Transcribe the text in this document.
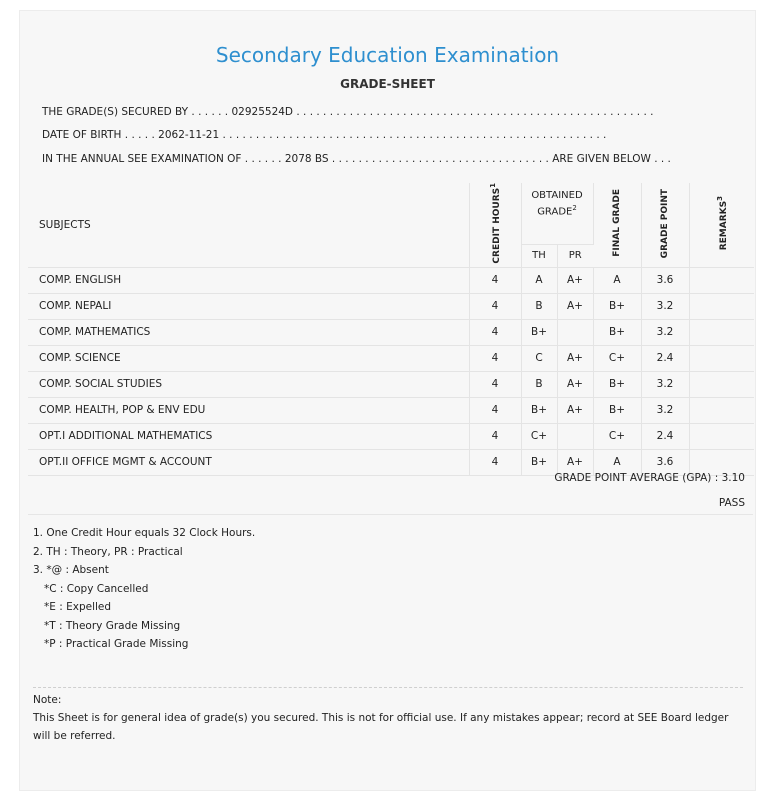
Secondary Education Examination
GRADE-SHEET
THE GRADE(S) SECURED BY . . . . . . 02925524D . . . . . . . . . . . . . . . . . . . . . . . . . . . . . . . . . . . . . . . . . . . . . . . . . . . . . .
DATE OF BIRTH . . . . . 2062-11-21 . . . . . . . . . . . . . . . . . . . . . . . . . . . . . . . . . . . . . . . . . . . . . . . . . . . . . . . . . .
IN THE ANNUAL SEE EXAMINATION OF . . . . . . 2078 BS . . . . . . . . . . . . . . . . . . . . . . . . . . . . . . . . . ARE GIVEN BELOW . . .
SUBJECTS	CREDIT HOURS$^1$	OBTAINED GRADE$^2$		FINAL GRADE	GRADE POINT	REMARKS$^3$
		TH	PR			
COMP. ENGLISH	4	A	A+	A	3.6	
COMP. NEPALI	4	B	A+	B+	3.2	
COMP. MATHEMATICS	4	B+		B+	3.2	
COMP. SCIENCE	4	C	A+	C+	2.4	
COMP. SOCIAL STUDIES	4	B	A+	B+	3.2	
COMP. HEALTH, POP & ENV EDU	4	B+	A+	B+	3.2	
OPT.I ADDITIONAL MATHEMATICS	4	C+		C+	2.4	
OPT.II OFFICE MGMT & ACCOUNT	4	B+	A+	A	3.6	
GRADE POINT AVERAGE (GPA) : 3.10
PASS
1. One Credit Hour equals 32 Clock Hours.
2. TH : Theory, PR : Practical
3. *@ : Absent
*C : Copy Cancelled
*E : Expelled
*T : Theory Grade Missing
*P : Practical Grade Missing
Note:
This Sheet is for general idea of grade(s) you secured. This is not for official use. If any mistakes appear; record at SEE Board ledger will be referred.
